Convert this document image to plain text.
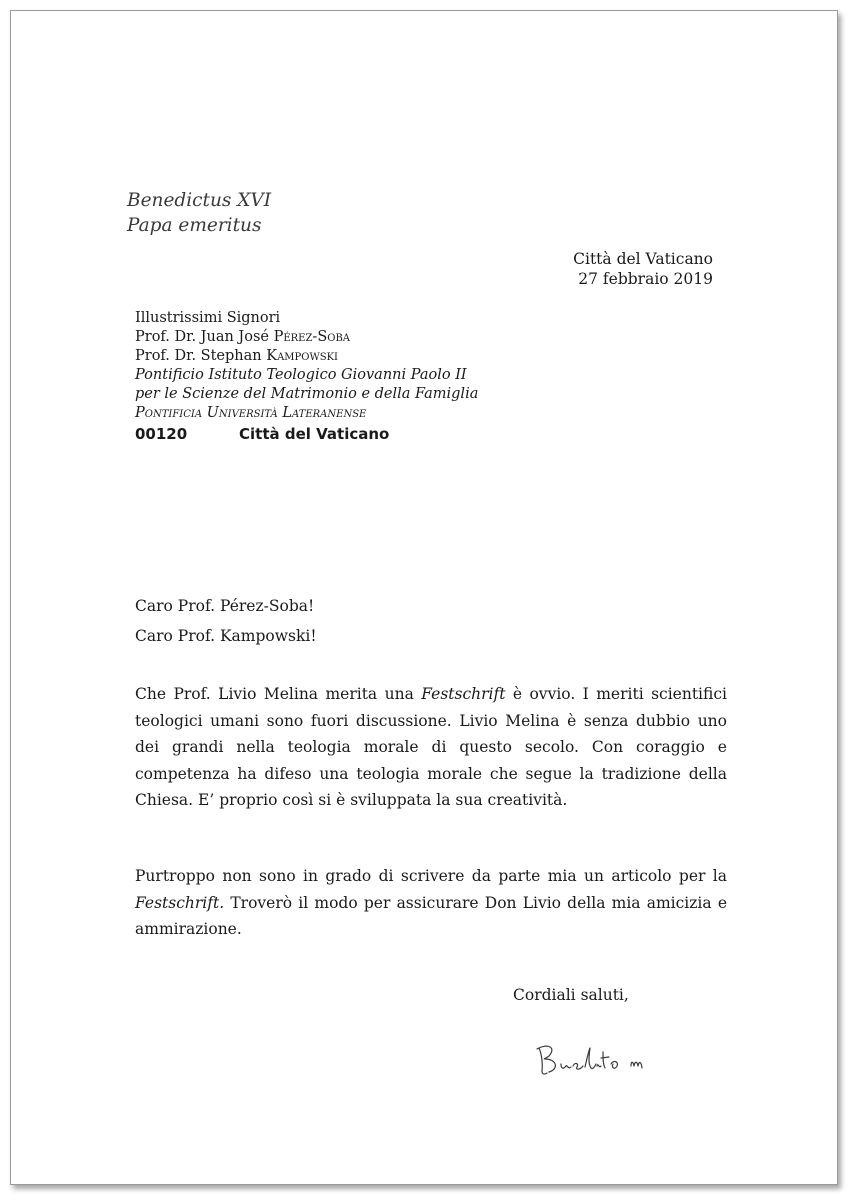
Benedictus XVI
Papa emeritus
Città del Vaticano
27 febbraio 2019
Illustrissimi Signori
Prof. Dr. Juan José Pérez-Soba
Prof. Dr. Stephan Kampowski
Pontificio Istituto Teologico Giovanni Paolo II
per le Scienze del Matrimonio e della Famiglia
Pontificia Università Lateranense
00120	Città del Vaticano
Caro Prof. Pérez-Soba!
Caro Prof. Kampowski!

Che Prof. Livio Melina merita una Festschrift è ovvio. I meriti scientifici teologici umani sono fuori discussione. Livio Melina è senza dubbio uno dei grandi nella teologia morale di questo secolo. Con coraggio e competenza ha difeso una teologia morale che segue la tradizione della Chiesa. E’ proprio così si è sviluppata la sua creatività.

Purtroppo non sono in grado di scrivere da parte mia un articolo per la Festschrift. Troverò il modo per assicurare Don Livio della mia amicizia e ammirazione.

Cordiali saluti,
